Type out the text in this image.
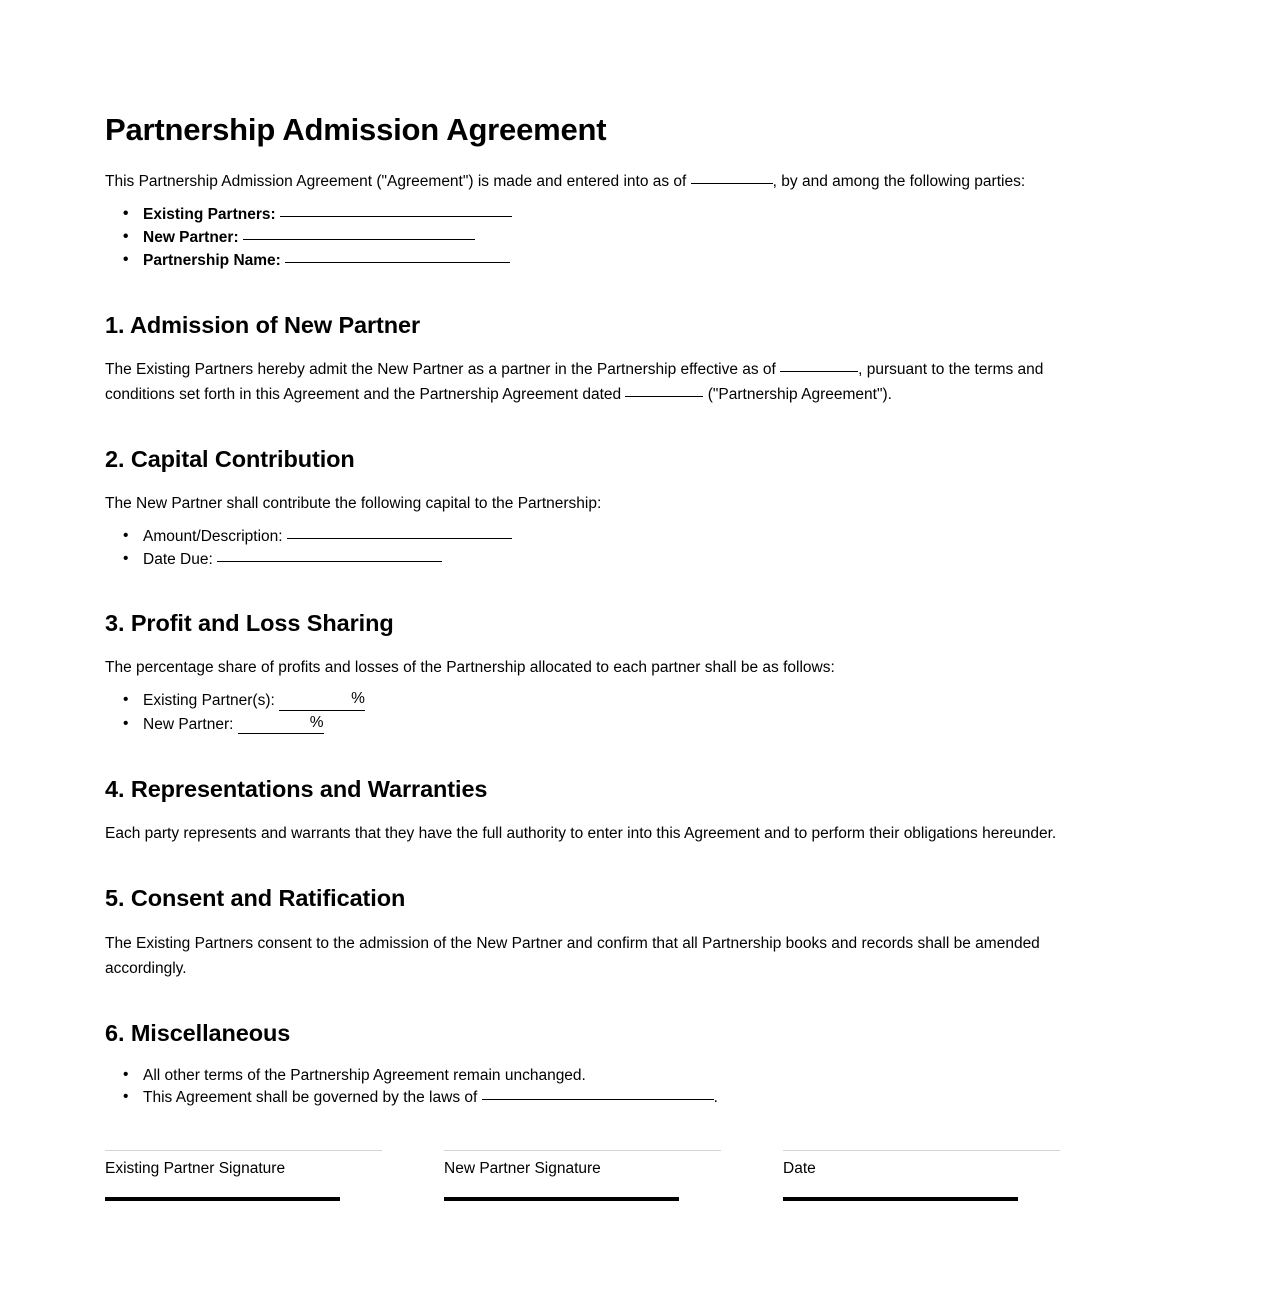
Partnership Admission Agreement

This Partnership Admission Agreement ("Agreement") is made and entered into as of	, by and among the following parties:

• Existing Partners:
• New Partner:
• Partnership Name:
1. Admission of New Partner

The Existing Partners hereby admit the New Partner as a partner in the Partnership effective as of	, pursuant to the terms and conditions set forth in this Agreement and the Partnership Agreement dated	("Partnership Agreement").

2. Capital Contribution

The New Partner shall contribute the following capital to the Partnership:

• Amount/Description:
• Date Due:
3. Profit and Loss Sharing

The percentage share of profits and losses of the Partnership allocated to each partner shall be as follows:

• Existing Partner(s):	%
• New Partner:	%
4. Representations and Warranties

Each party represents and warrants that they have the full authority to enter into this Agreement and to perform their obligations hereunder.

5. Consent and Ratification

The Existing Partners consent to the admission of the New Partner and confirm that all Partnership books and records shall be amended accordingly.

6. Miscellaneous
• All other terms of the Partnership Agreement remain unchanged.
• This Agreement shall be governed by the laws of	.
Existing Partner Signature	New Partner Signature	Date
